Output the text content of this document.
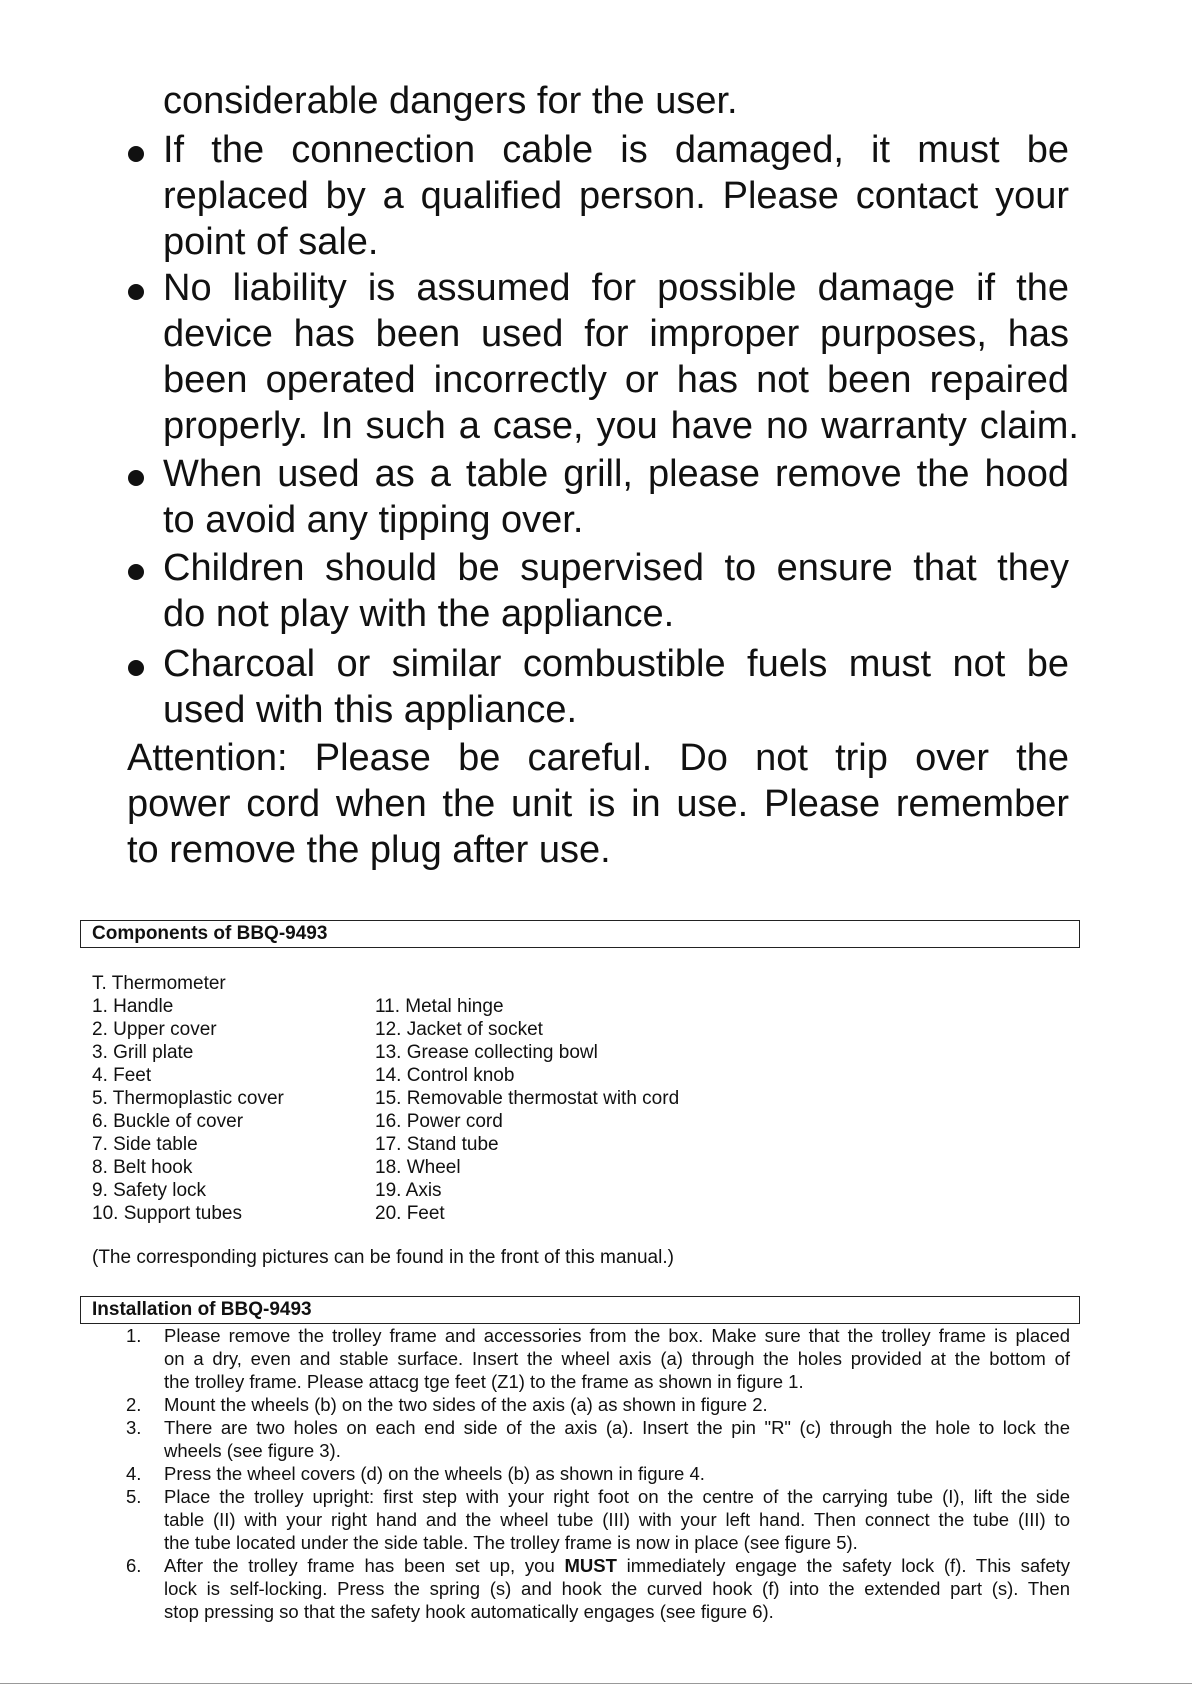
considerable dangers for the user.
If the connection cable is damaged, it must be
replaced by a qualified person. Please contact your
point of sale.
No liability is assumed for possible damage if the
device has been used for improper purposes, has
been operated incorrectly or has not been repaired
properly. In such a case, you have no warranty claim.
When used as a table grill, please remove the hood
to avoid any tipping over.
Children should be supervised to ensure that they
do not play with the appliance.
Charcoal or similar combustible fuels must not be
used with this appliance.
Attention: Please be careful. Do not trip over the
power cord when the unit is in use. Please remember
to remove the plug after use.
Components of BBQ-9493
T. Thermometer
1. Handle
2. Upper cover
3. Grill plate
4. Feet
5. Thermoplastic cover
6. Buckle of cover
7. Side table
8. Belt hook
9. Safety lock
10. Support tubes
11. Metal hinge
12. Jacket of socket
13. Grease collecting bowl
14. Control knob
15. Removable thermostat with cord
16. Power cord
17. Stand tube
18. Wheel
19. Axis
20. Feet
(The corresponding pictures can be found in the front of this manual.)
Installation of BBQ-9493
1. Please remove the trolley frame and accessories from the box. Make sure that the trolley frame is placed
on a dry, even and stable surface. Insert the wheel axis (a) through the holes provided at the bottom of
the trolley frame. Please attacg tge feet (Z1) to the frame as shown in figure 1.
2. Mount the wheels (b) on the two sides of the axis (a) as shown in figure 2.
3. There are two holes on each end side of the axis (a). Insert the pin "R" (c) through the hole to lock the
wheels (see figure 3).
4. Press the wheel covers (d) on the wheels (b) as shown in figure 4.
5. Place the trolley upright: first step with your right foot on the centre of the carrying tube (I), lift the side
table (II) with your right hand and the wheel tube (III) with your left hand. Then connect the tube (III) to
the tube located under the side table. The trolley frame is now in place (see figure 5).
6. After the trolley frame has been set up, you MUST immediately engage the safety lock (f). This safety
lock is self-locking. Press the spring (s) and hook the curved hook (f) into the extended part (s). Then
stop pressing so that the safety hook automatically engages (see figure 6).
